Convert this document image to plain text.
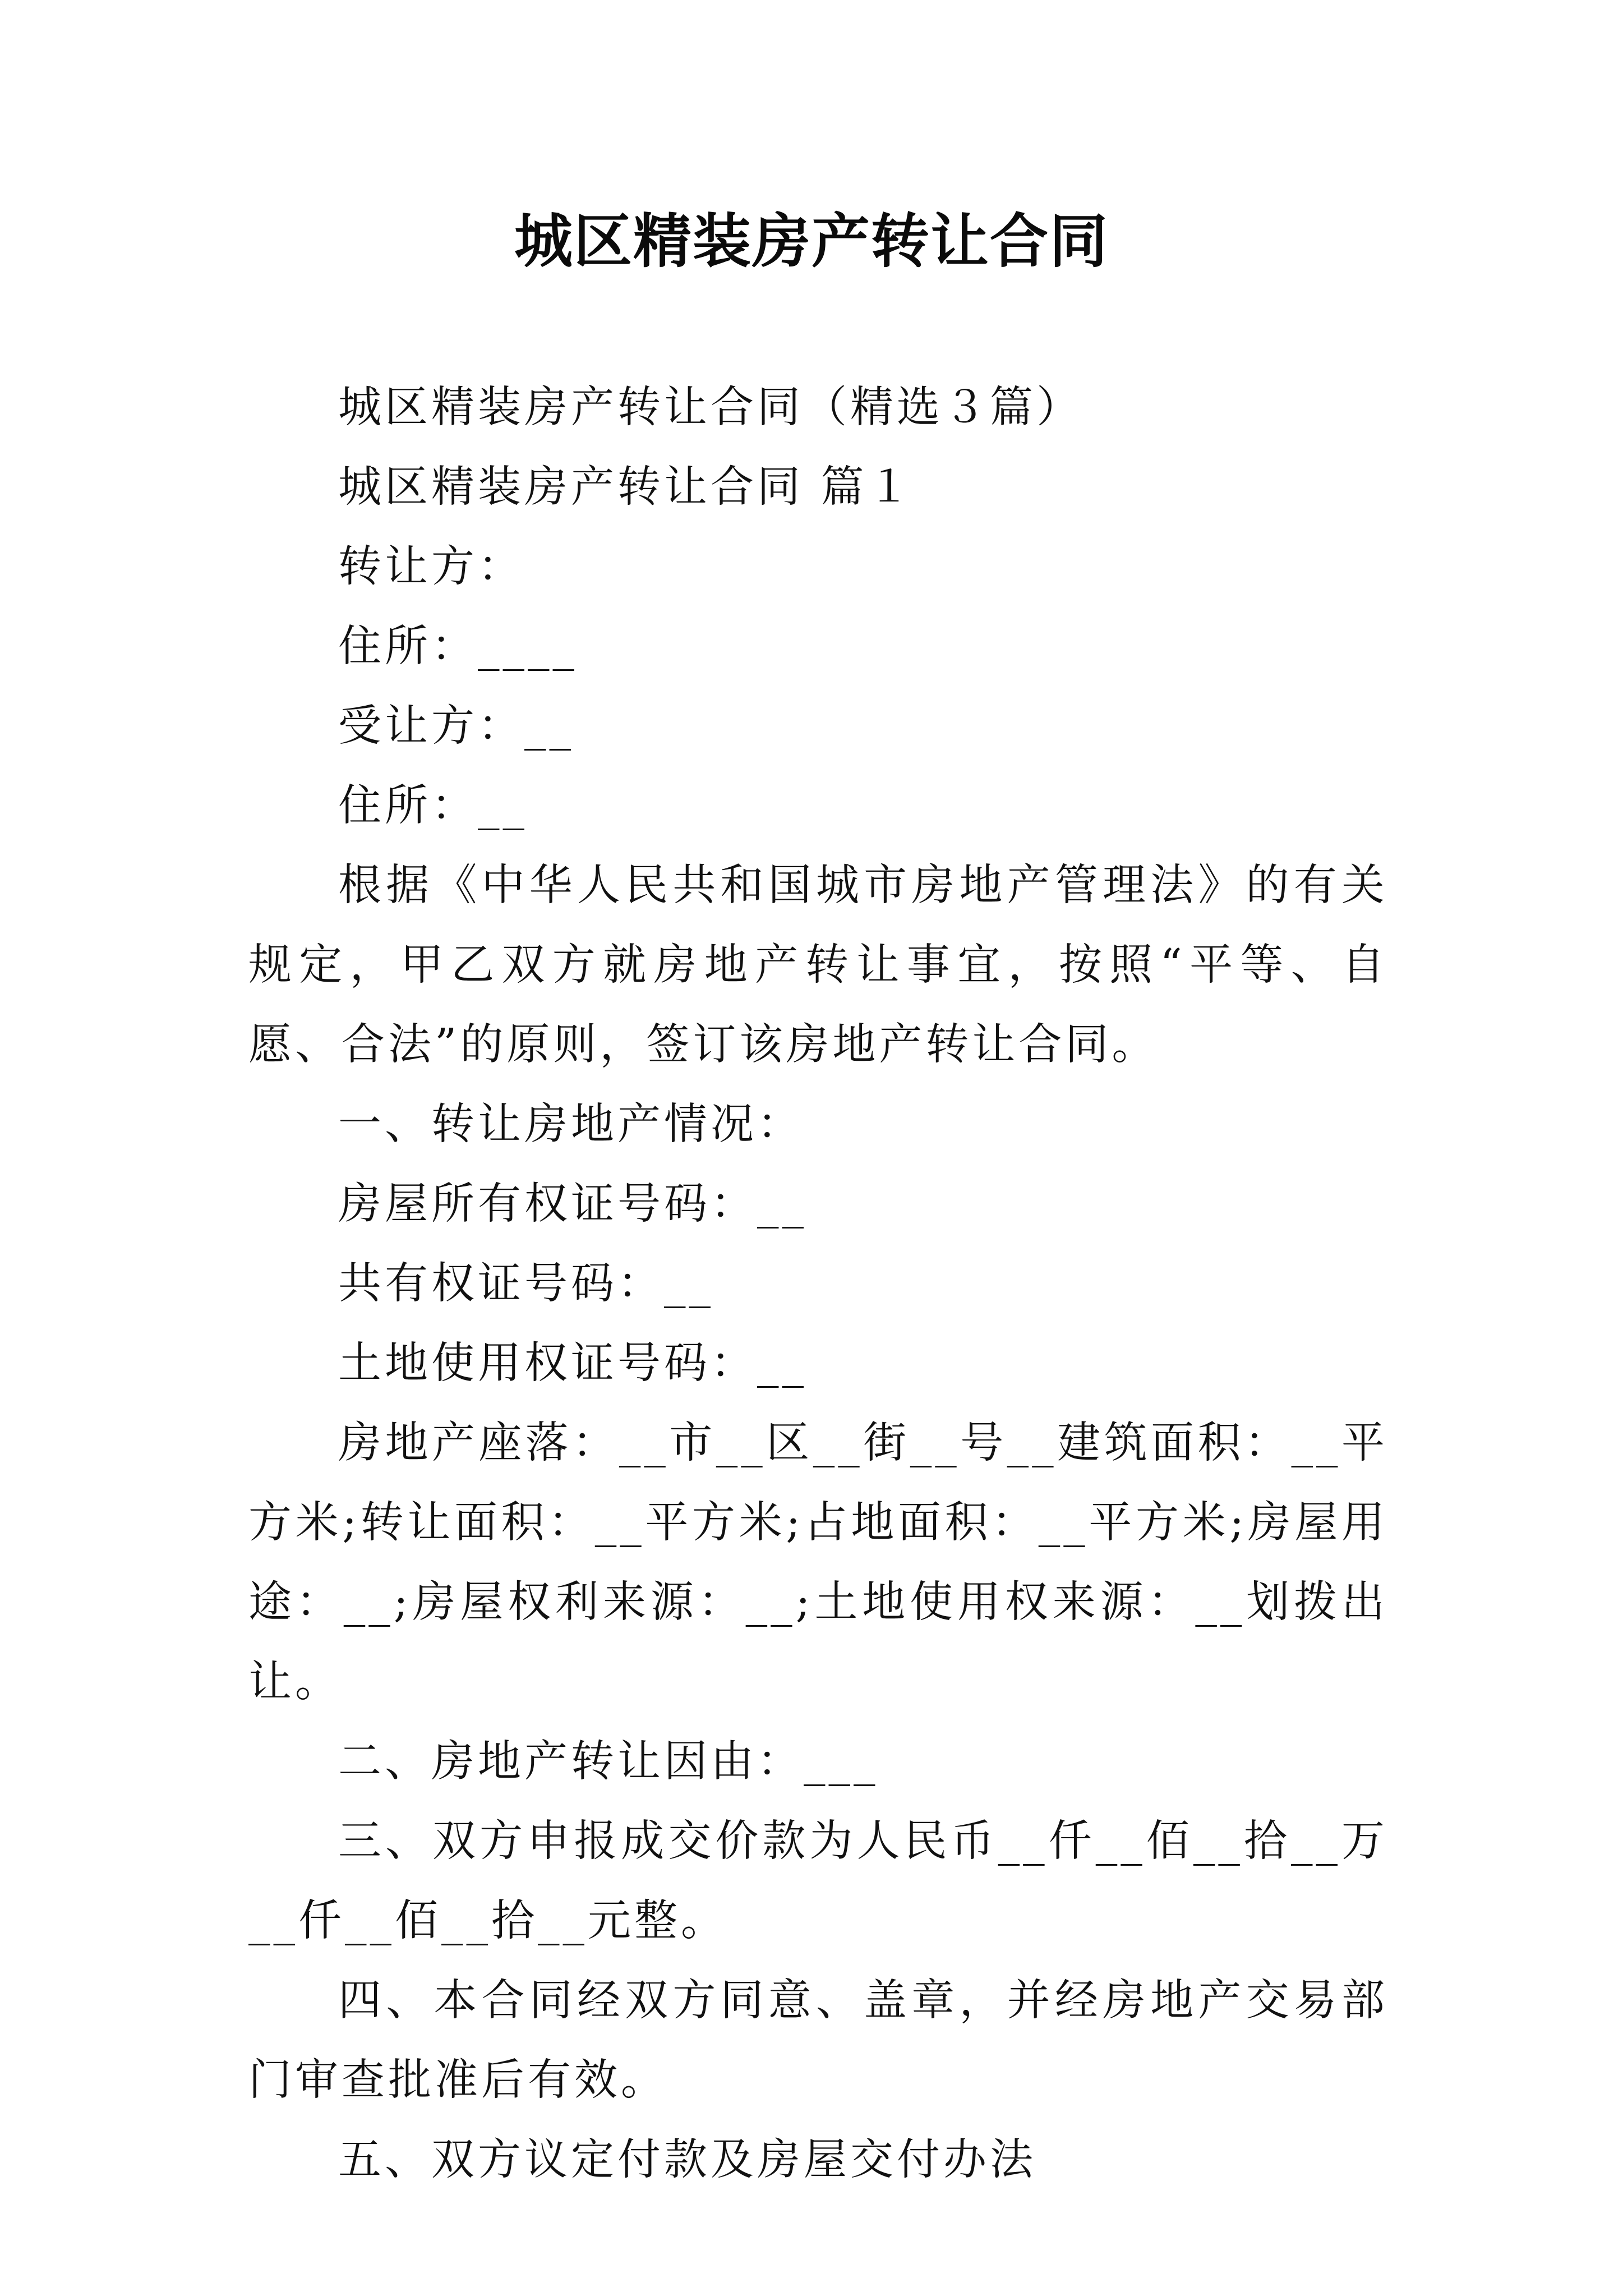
城区精装房产转让合同

城区精装房产转让合同（精选３篇）

城区精装房产转让合同 篇１

转让方：

住所：____

受让方：__

住所：__

根据《中华人民共和国城市房地产管理法》的有关规定，甲乙双方就房地产转让事宜，按照“平等、自愿、合法”的原则，签订该房地产转让合同。

一、转让房地产情况：

房屋所有权证号码：__

共有权证号码：__

土地使用权证号码：__

房地产座落：__市__区__街__号__建筑面积：__平方米;转让面积：__平方米;占地面积：__平方米;房屋用途：__;房屋权利来源：__;土地使用权来源：__划拨出让。

二、房地产转让因由：___

三、双方申报成交价款为人民币__仟__佰__拾__万__仟__佰__拾__元整。

四、本合同经双方同意、盖章，并经房地产交易部门审查批准后有效。

五、双方议定付款及房屋交付办法
